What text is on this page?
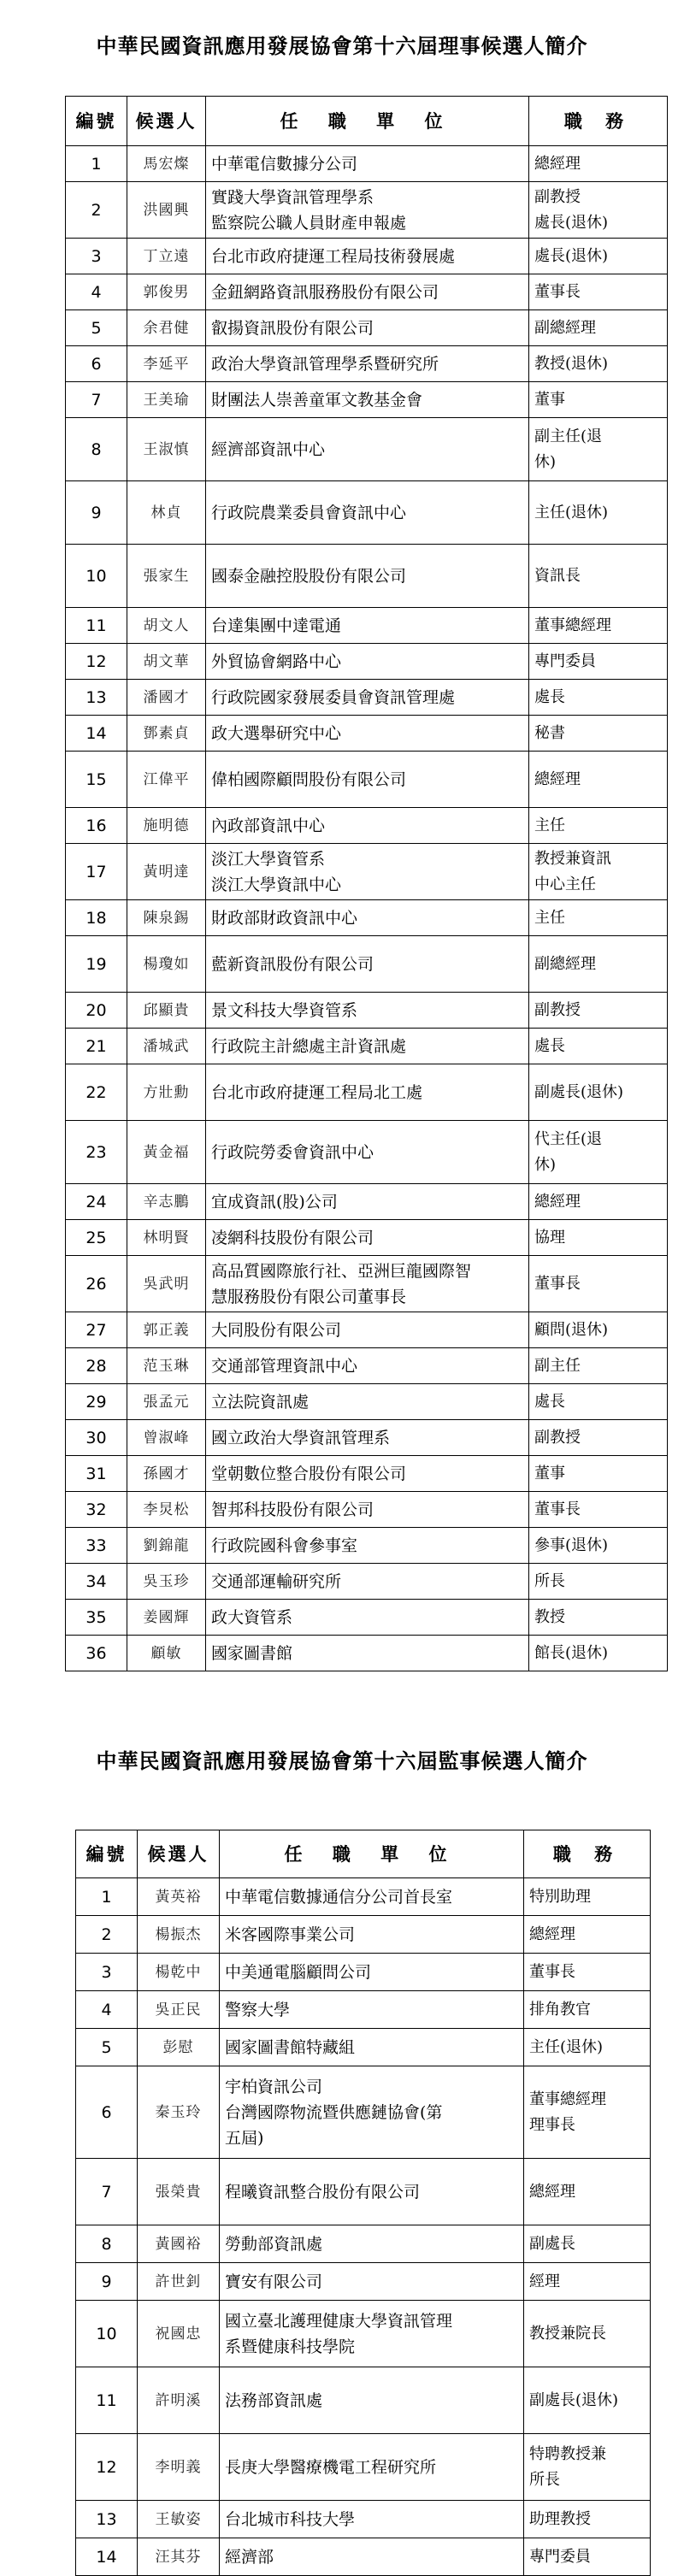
中華民國資訊應用發展協會第十六屆理事候選人簡介
編號	候選人	任 職 單 位	職 務
1	馬宏燦	中華電信數據分公司	總經理

2	洪國興	實踐大學資訊管理學系
監察院公職人員財產申報處	副教授
處長(退休)

3	丁立遠	台北市政府捷運工程局技術發展處	處長(退休)

4	郭俊男	金鈕網路資訊服務股份有限公司	董事長

5	余君健	叡揚資訊股份有限公司	副總經理

6	李延平	政治大學資訊管理學系暨研究所	教授(退休)

7	王美瑜	財團法人崇善童軍文教基金會	董事

8	王淑慎	經濟部資訊中心	副主任(退
休)

9	林貞	行政院農業委員會資訊中心	主任(退休)

10	張家生	國泰金融控股股份有限公司	資訊長

11	胡文人	台達集團中達電通	董事總經理

12	胡文華	外貿協會網路中心	專門委員

13	潘國才	行政院國家發展委員會資訊管理處	處長

14	鄧素貞	政大選舉研究中心	秘書

15	江偉平	偉柏國際顧問股份有限公司	總經理

16	施明德	內政部資訊中心	主任

17	黃明達	淡江大學資管系
淡江大學資訊中心	教授兼資訊
中心主任

18	陳泉錫	財政部財政資訊中心	主任

19	楊瓊如	藍新資訊股份有限公司	副總經理

20	邱顯貴	景文科技大學資管系	副教授

21	潘城武	行政院主計總處主計資訊處	處長

22	方壯勳	台北市政府捷運工程局北工處	副處長(退休)

23	黃金福	行政院勞委會資訊中心	代主任(退
休)

24	辛志鵬	宜成資訊(股)公司	總經理

25	林明賢	凌網科技股份有限公司	協理

26	吳武明	高品質國際旅行社、亞洲巨龍國際智
慧服務股份有限公司董事長	董事長

27	郭正義	大同股份有限公司	顧問(退休)

28	范玉琳	交通部管理資訊中心	副主任

29	張孟元	立法院資訊處	處長

30	曾淑峰	國立政治大學資訊管理系	副教授

31	孫國才	堂朝數位整合股份有限公司	董事

32	李炅松	智邦科技股份有限公司	董事長

33	劉錦龍	行政院國科會參事室	參事(退休)

34	吳玉珍	交通部運輸研究所	所長

35	姜國輝	政大資管系	教授

36	顧敏	國家圖書館	館長(退休)
中華民國資訊應用發展協會第十六屆監事候選人簡介
編號	候選人	任 職 單 位	職 務
1	黃英裕	中華電信數據通信分公司首長室	特別助理

2	楊振杰	米客國際事業公司	總經理

3	楊乾中	中美通電腦顧問公司	董事長

4	吳正民	警察大學	排角教官

5	彭慰	國家圖書館特藏組	主任(退休)

6	秦玉玲	宇柏資訊公司
台灣國際物流暨供應鏈協會(第
五屆)	董事總經理
理事長

7	張榮貴	程曦資訊整合股份有限公司	總經理

8	黃國裕	勞動部資訊處	副處長

9	許世釗	寶安有限公司	經理

10	祝國忠	國立臺北護理健康大學資訊管理
系暨健康科技學院	教授兼院長

11	許明溪	法務部資訊處	副處長(退休)

12	李明義	長庚大學醫療機電工程研究所	特聘教授兼
所長

13	王敏姿	台北城市科技大學	助理教授

14	汪其芬	經濟部	專門委員
